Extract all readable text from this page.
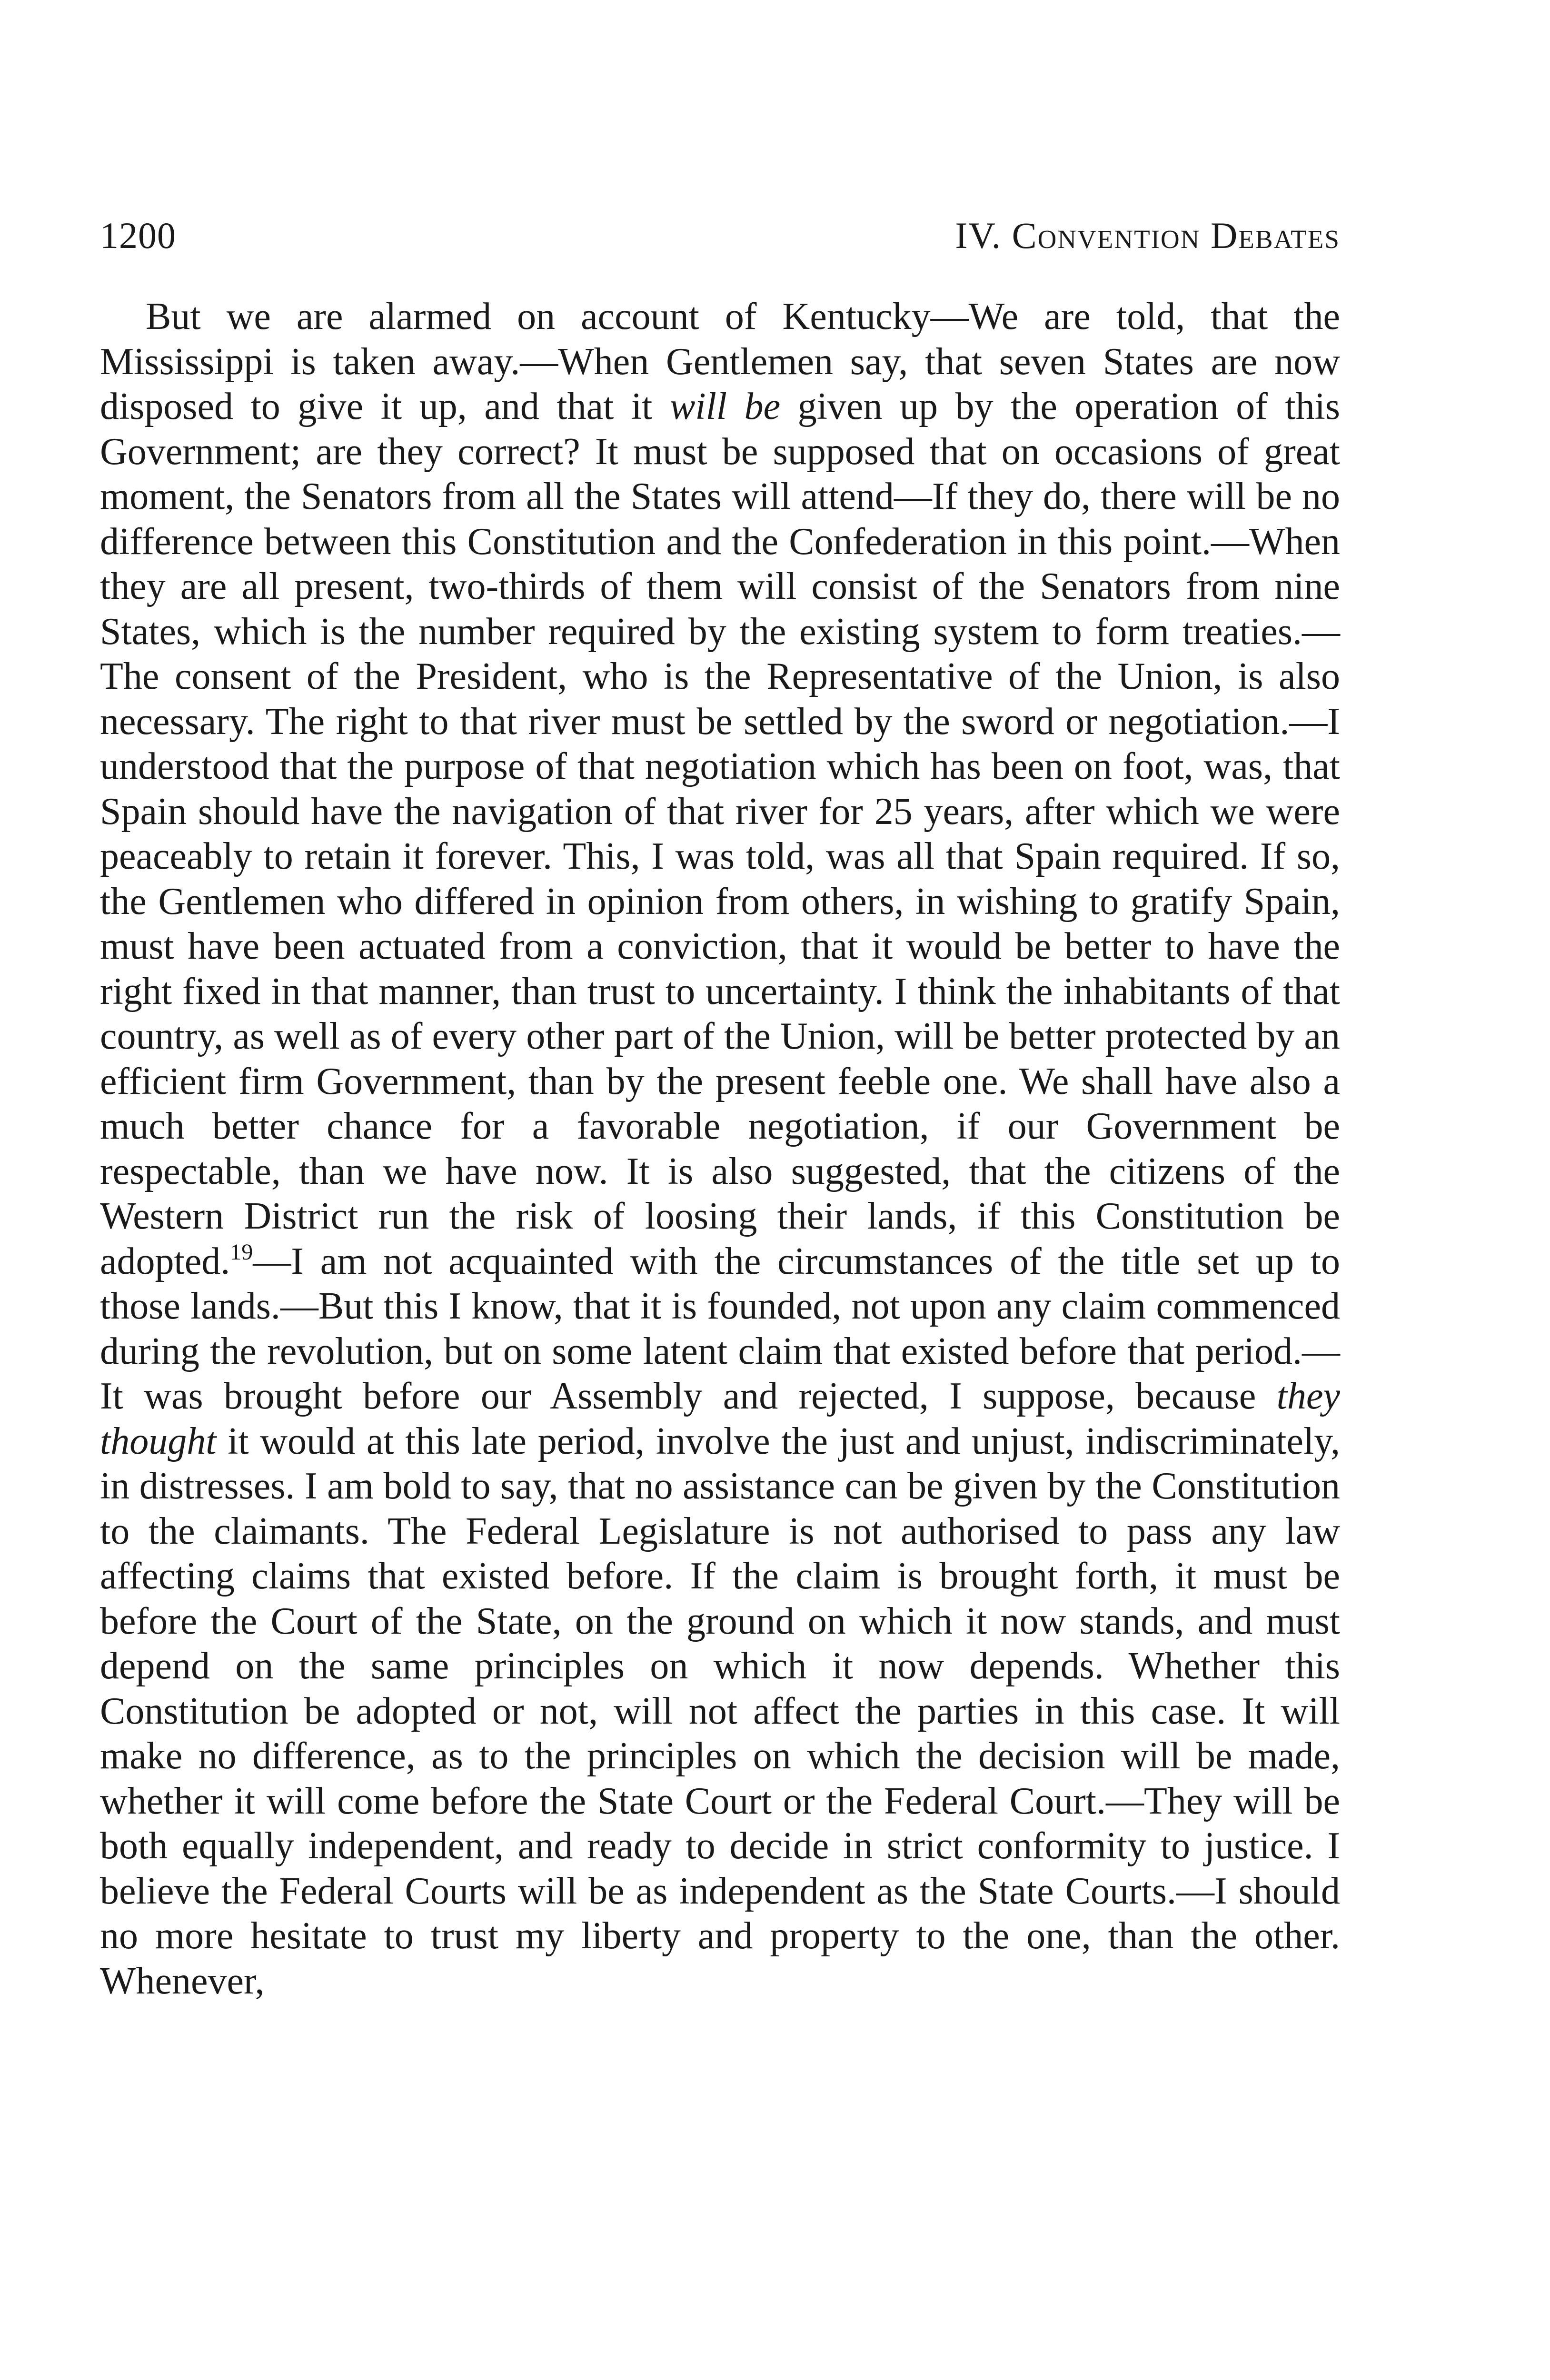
1200	IV. Convention Debates

But we are alarmed on account of Kentucky—We are told, that the Mississippi is taken away.—When Gentlemen say, that seven States are now disposed to give it up, and that it will be given up by the operation of this Government; are they correct? It must be supposed that on occasions of great moment, the Senators from all the States will attend—If they do, there will be no difference between this Constitution and the Confederation in this point.—When they are all present, two-thirds of them will consist of the Senators from nine States, which is the number required by the existing system to form treaties.—The consent of the President, who is the Representative of the Union, is also necessary. The right to that river must be settled by the sword or negotiation.—I understood that the purpose of that negotiation which has been on foot, was, that Spain should have the navigation of that river for 25 years, after which we were peaceably to retain it forever. This, I was told, was all that Spain required. If so, the Gentlemen who differed in opinion from others, in wishing to gratify Spain, must have been actuated from a conviction, that it would be better to have the right fixed in that manner, than trust to uncertainty. I think the inhabitants of that country, as well as of every other part of the Union, will be better protected by an efficient firm Government, than by the present feeble one. We shall have also a much better chance for a favorable negotiation, if our Government be respectable, than we have now. It is also suggested, that the citizens of the Western District run the risk of loosing their lands, if this Constitution be adopted.$^{19}$—I am not acquainted with the circumstances of the title set up to those lands.—But this I know, that it is founded, not upon any claim commenced during the revolution, but on some latent claim that existed before that period.—It was brought before our Assembly and rejected, I suppose, because they thought it would at this late period, involve the just and unjust, indiscriminately, in distresses. I am bold to say, that no assistance can be given by the Constitution to the claimants. The Federal Legislature is not authorised to pass any law affecting claims that existed before. If the claim is brought forth, it must be before the Court of the State, on the ground on which it now stands, and must depend on the same principles on which it now depends. Whether this Constitution be adopted or not, will not affect the parties in this case. It will make no difference, as to the principles on which the decision will be made, whether it will come before the State Court or the Federal Court.—They will be both equally independent, and ready to decide in strict conformity to justice. I believe the Federal Courts will be as independent as the State Courts.—I should no more hesitate to trust my liberty and property to the one, than the other. Whenever,
